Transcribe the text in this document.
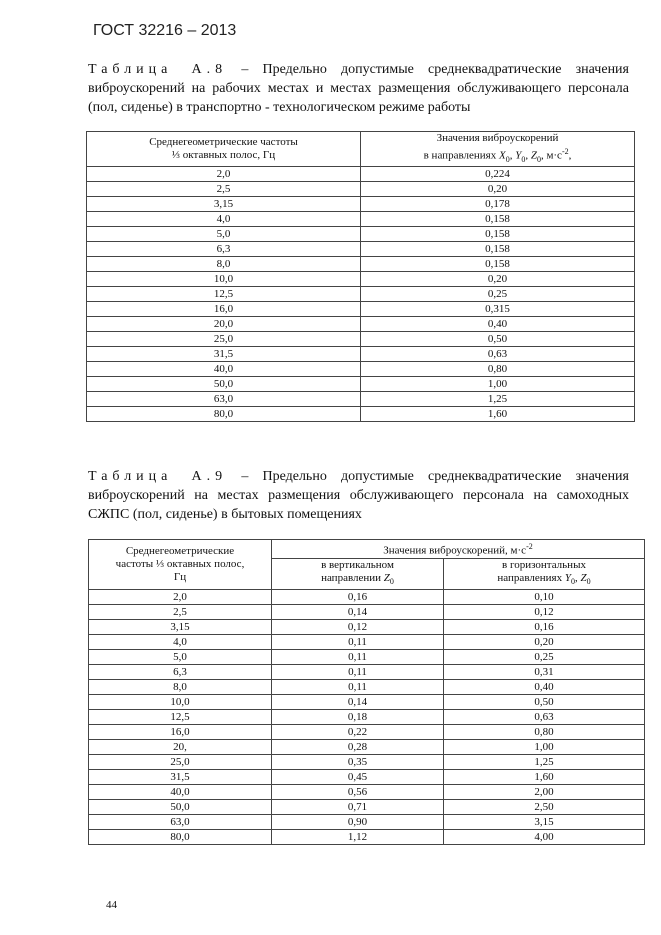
ГОСТ 32216 – 2013
Таблица А.8 – Предельно допустимые среднеквадратические значения виброускорений на рабочих местах и местах размещения обслуживающего персонала (пол, сиденье) в транспортно - технологическом режиме работы
Среднегеометрические частоты
⅓ октавных полос, Гц	Значения виброускорений
в направлениях $X_0$, $Y_0$, $Z_0$, $м\cdot с^{-2}$,
2,0	0,224
2,5	0,20
3,15	0,178
4,0	0,158
5,0	0,158
6,3	0,158
8,0	0,158
10,0	0,20
12,5	0,25
16,0	0,315
20,0	0,40
25,0	0,50
31,5	0,63
40,0	0,80
50,0	1,00
63,0	1,25
80,0	1,60
Таблица А.9 – Предельно допустимые среднеквадратические значения виброускорений на местах размещения обслуживающего персонала на самоходных СЖПС (пол, сиденье) в бытовых помещениях
Среднегеометрические
частоты ⅓ октавных полос,
Гц	Значения виброускорений, $м\cdot с^{-2}$
	в вертикальном
направлении $Z_0$	в горизонтальных
направлениях $Y_0$, $Z_0$
2,0	0,16	0,10
2,5	0,14	0,12
3,15	0,12	0,16
4,0	0,11	0,20
5,0	0,11	0,25
6,3	0,11	0,31
8,0	0,11	0,40
10,0	0,14	0,50
12,5	0,18	0,63
16,0	0,22	0,80
20,	0,28	1,00
25,0	0,35	1,25
31,5	0,45	1,60
40,0	0,56	2,00
50,0	0,71	2,50
63,0	0,90	3,15
80,0	1,12	4,00
44
